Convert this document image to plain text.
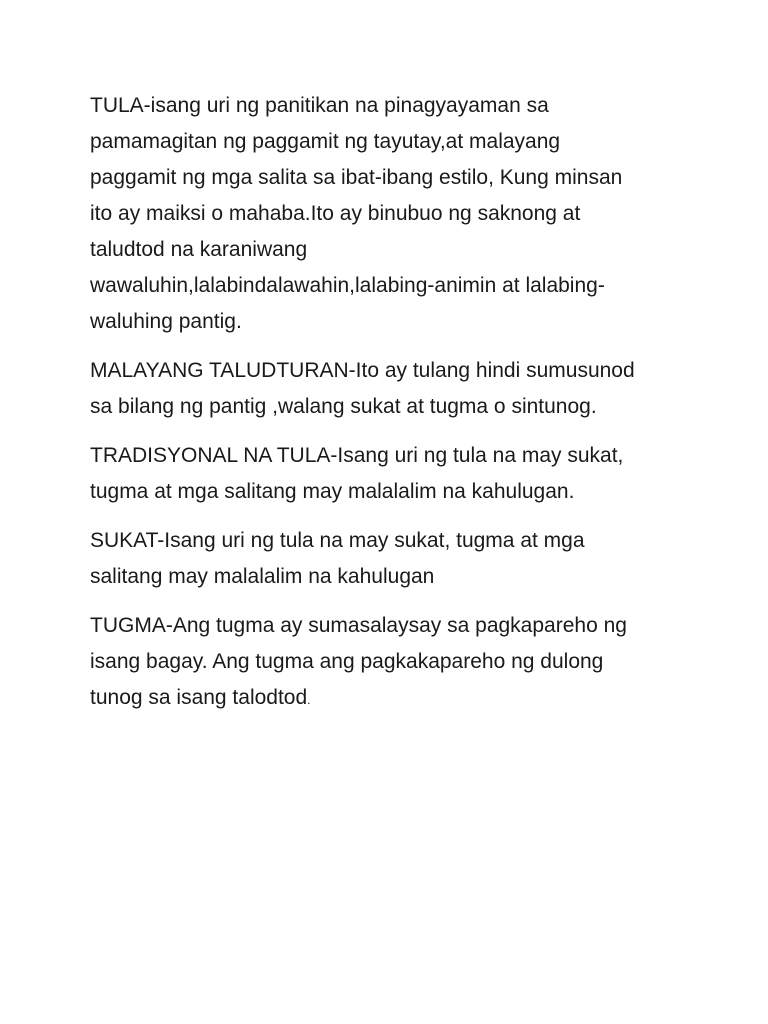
TULA-isang uri ng panitikan na pinagyayaman sa
pamamagitan ng paggamit ng tayutay,at malayang
paggamit ng mga salita sa ibat-ibang estilo, Kung minsan
ito ay maiksi o mahaba.Ito ay binubuo ng saknong at
taludtod na karaniwang
wawaluhin,lalabindalawahin,lalabing-animin at lalabing-
waluhing pantig.
MALAYANG TALUDTURAN-Ito ay tulang hindi sumusunod
sa bilang ng pantig ,walang sukat at tugma o sintunog.
TRADISYONAL NA TULA-Isang uri ng tula na may sukat,
tugma at mga salitang may malalalim na kahulugan.
SUKAT-Isang uri ng tula na may sukat, tugma at mga
salitang may malalalim na kahulugan
TUGMA-Ang tugma ay sumasalaysay sa pagkapareho ng
isang bagay. Ang tugma ang pagkakapareho ng dulong
tunog sa isang talodtod.
